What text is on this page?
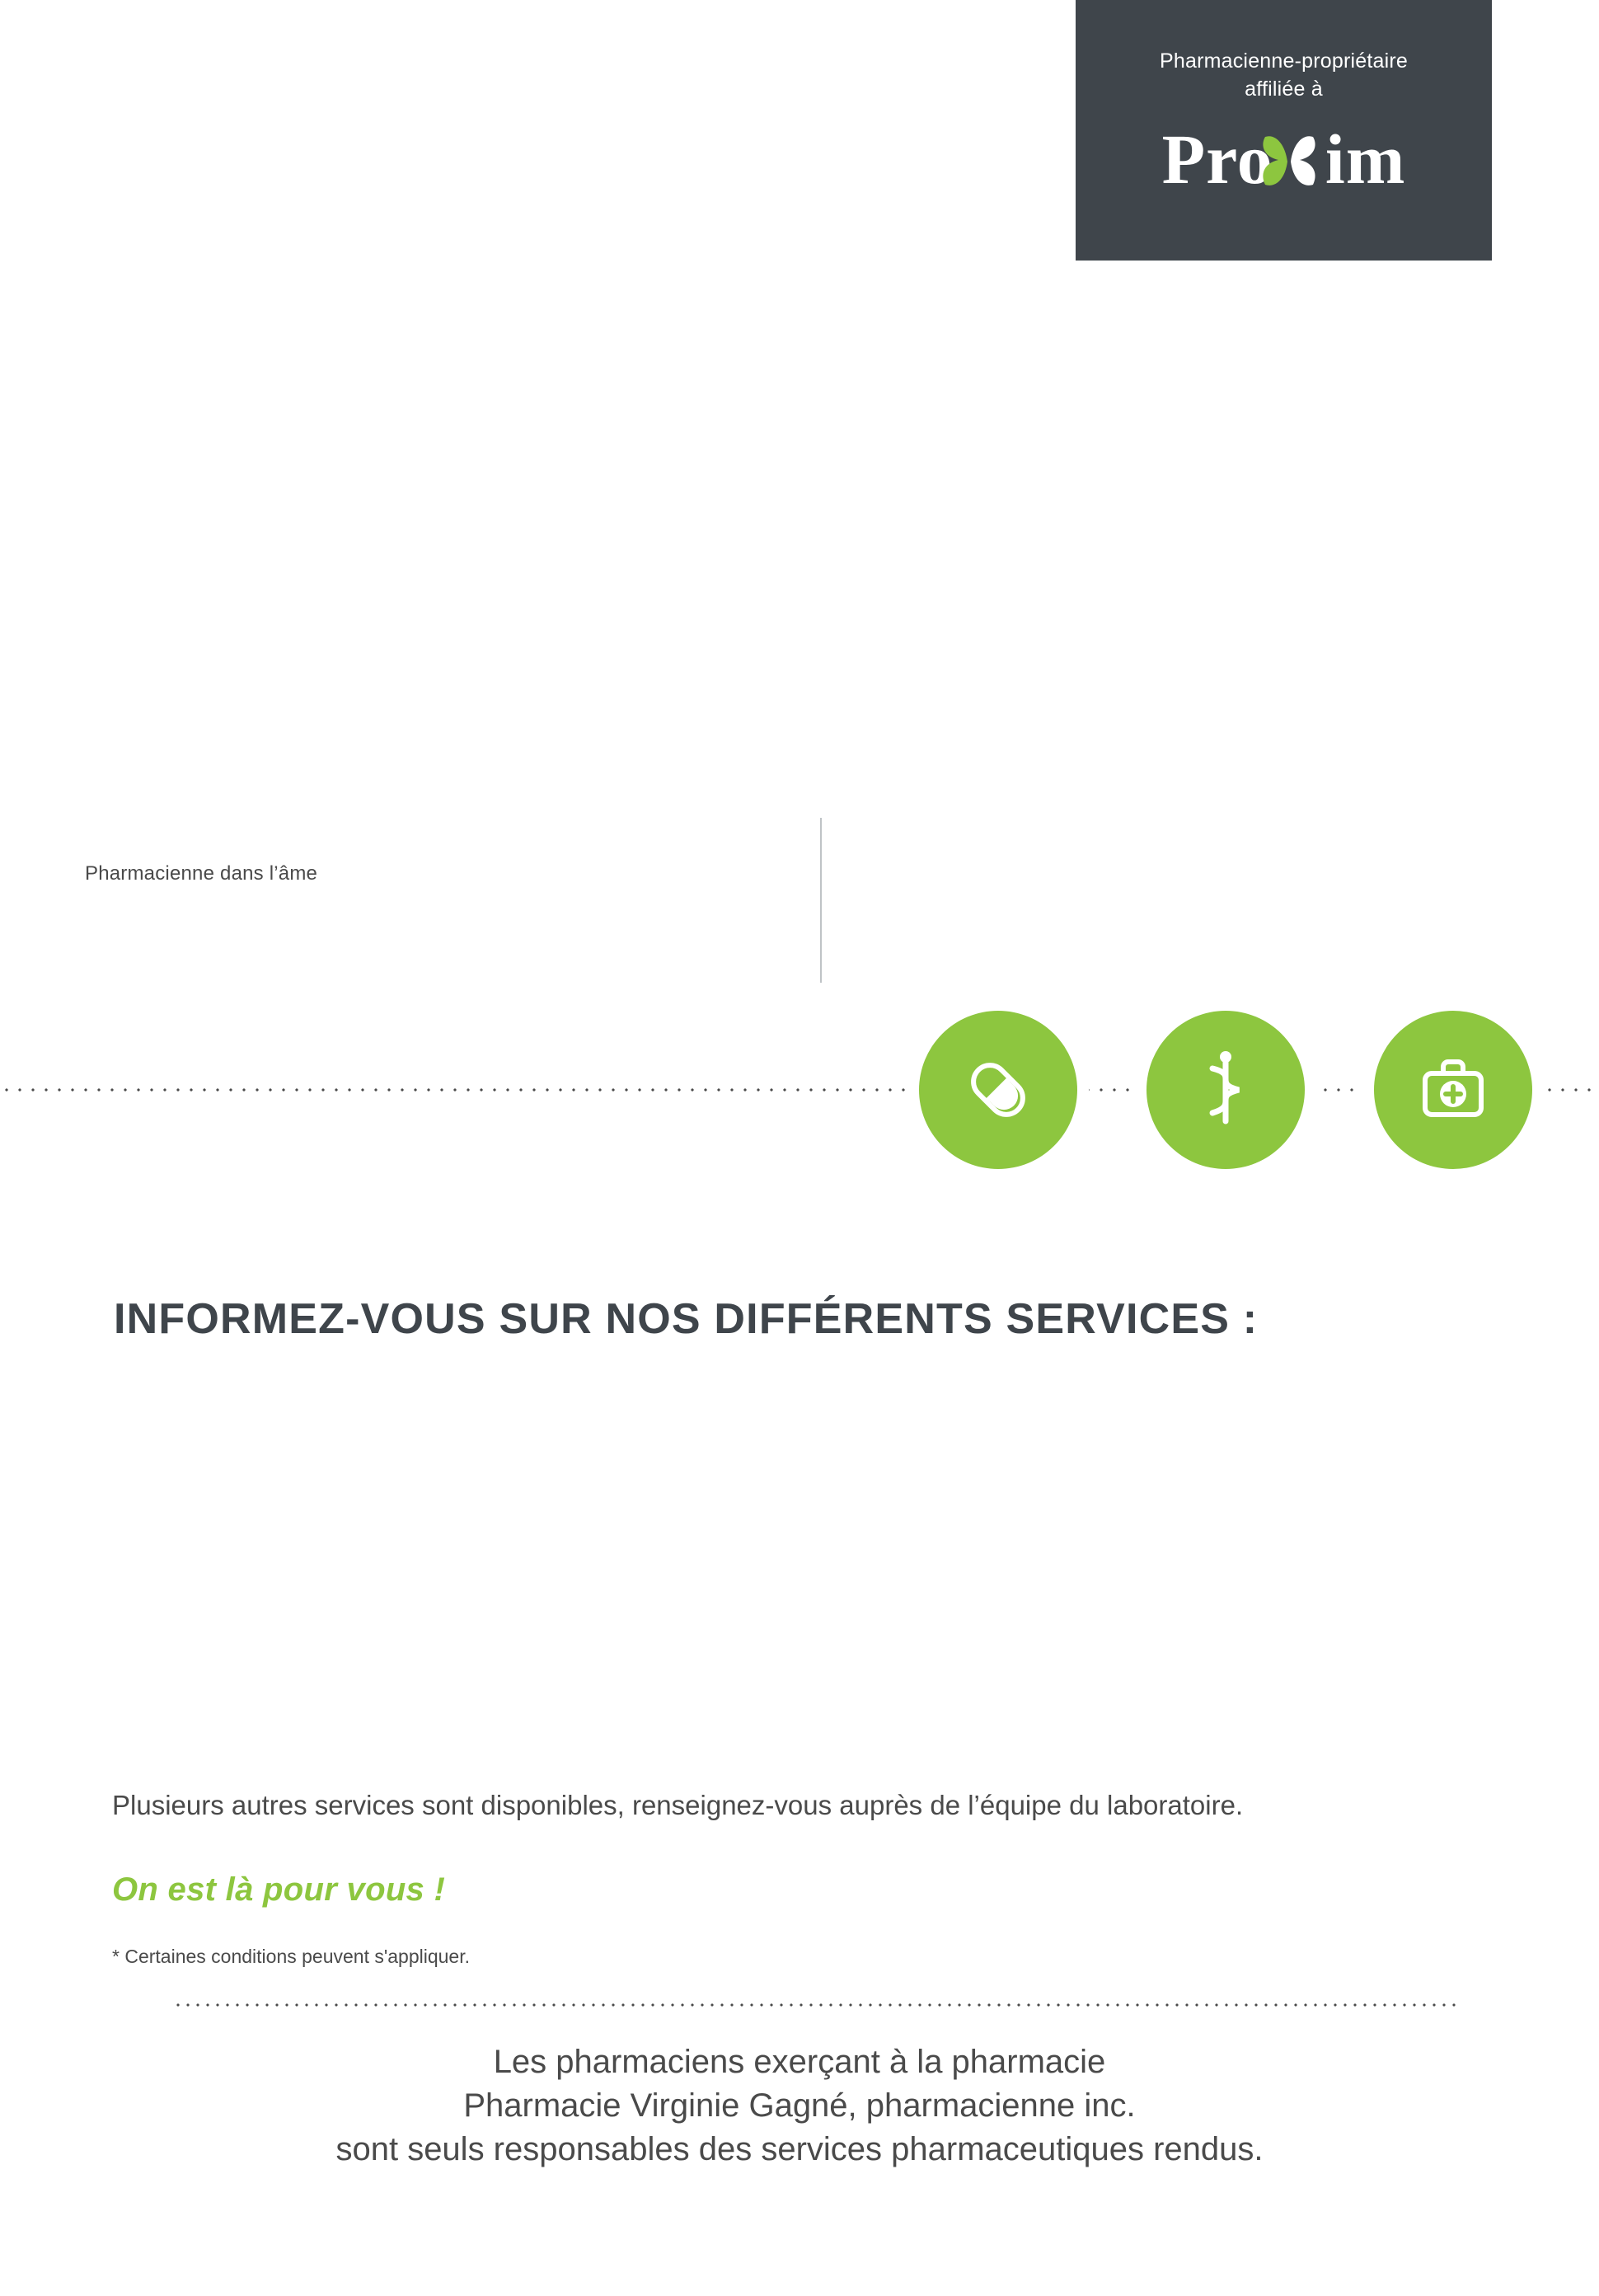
Pharmacienne-propriétaire
affiliée à
Pro im
Pharmacienne dans l’âme
INFORMEZ-VOUS SUR NOS DIFFÉRENTS SERVICES :

Plusieurs autres services sont disponibles, renseignez-vous auprès de l’équipe du laboratoire.

On est là pour vous !
* Certaines conditions peuvent s'appliquer.
Les pharmaciens exerçant à la pharmacie
Pharmacie Virginie Gagné, pharmacienne inc.
sont seuls responsables des services pharmaceutiques rendus.
